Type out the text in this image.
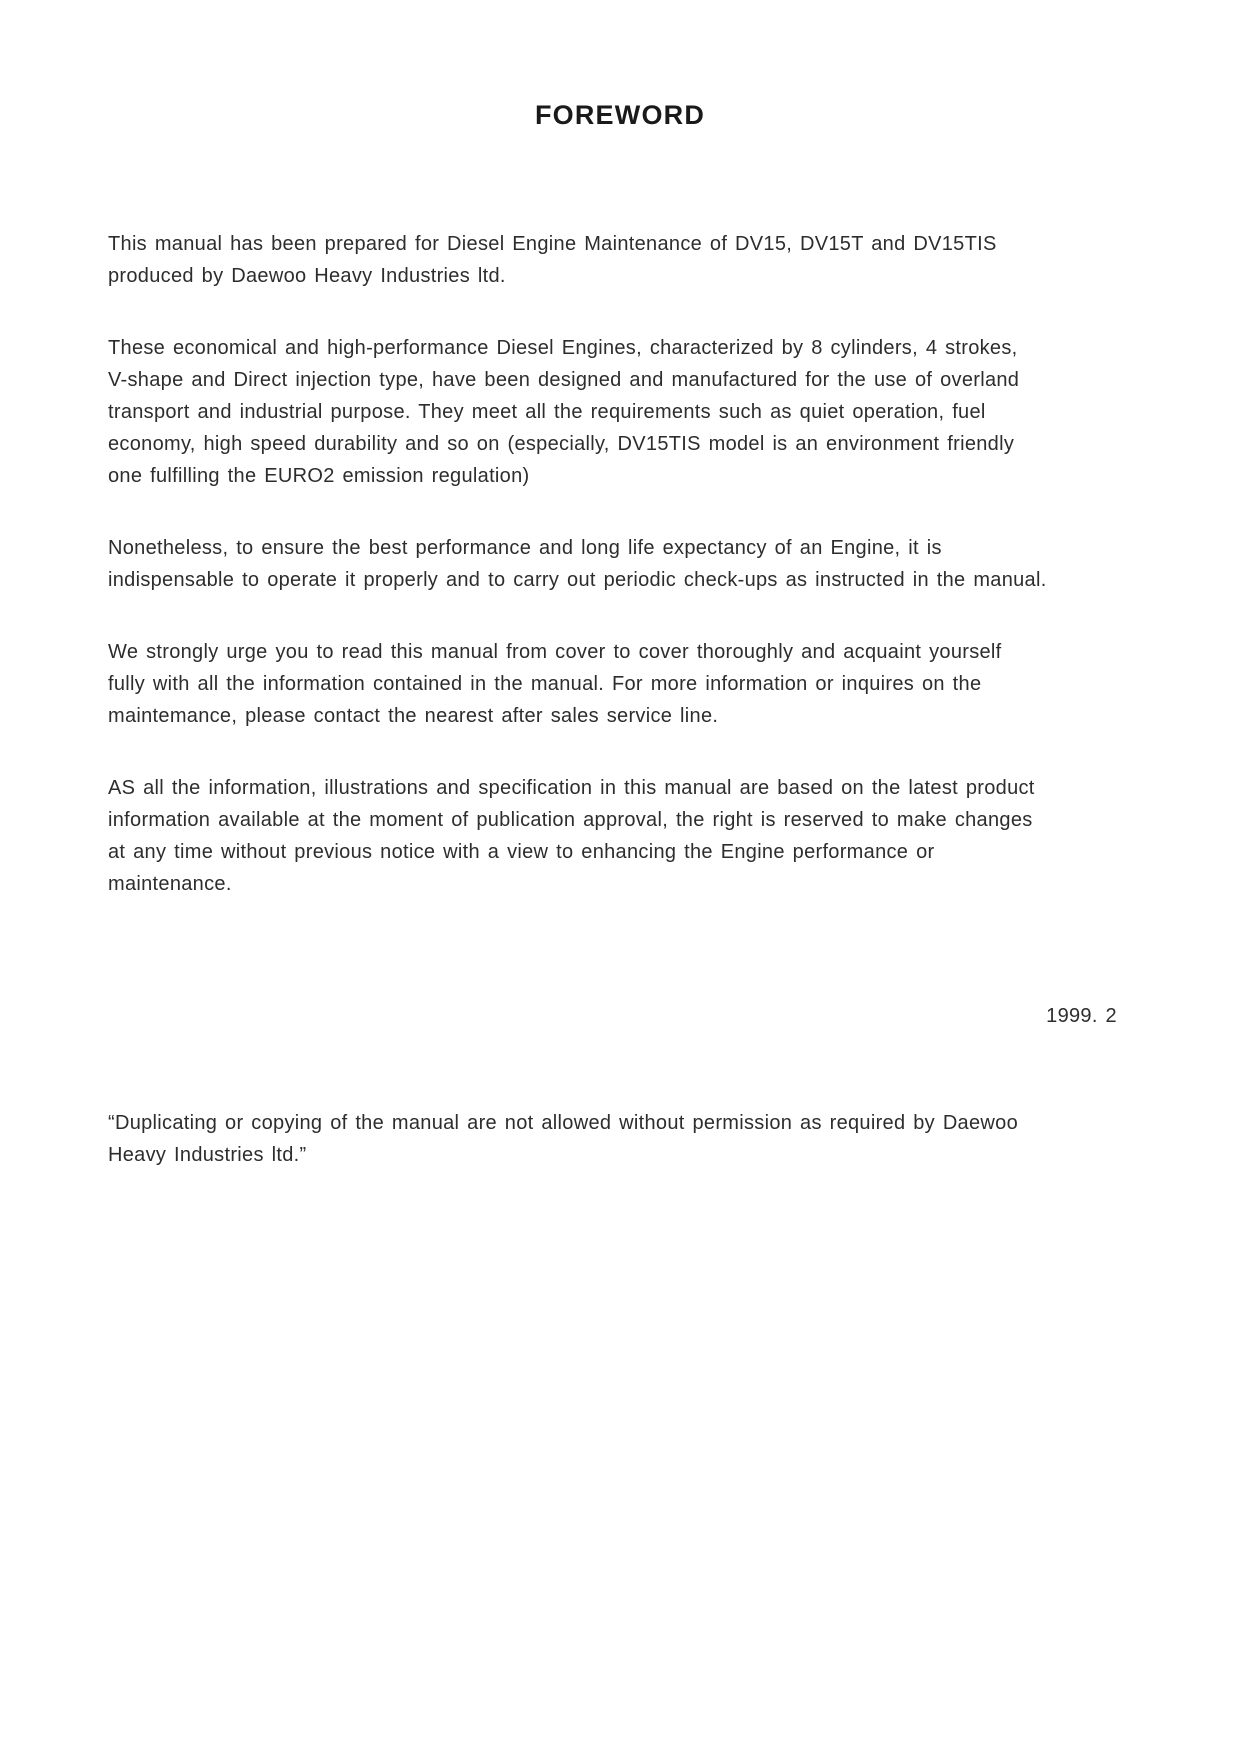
FOREWORD
This manual has been prepared for Diesel Engine Maintenance of DV15, DV15T and DV15TIS
produced by Daewoo Heavy Industries ltd.
These economical and high-performance Diesel Engines, characterized by 8 cylinders, 4 strokes,
V-shape and Direct injection type, have been designed and manufactured for the use of overland
transport and industrial purpose. They meet all the requirements such as quiet operation, fuel
economy, high speed durability and so on (especially, DV15TIS model is an environment friendly
one fulfilling the EURO2 emission regulation)
Nonetheless, to ensure the best performance and long life expectancy of an Engine, it is
indispensable to operate it properly and to carry out periodic check-ups as instructed in the manual.
We strongly urge you to read this manual from cover to cover thoroughly and acquaint yourself
fully with all the information contained in the manual. For more information or inquires on the
maintemance, please contact the nearest after sales service line.
AS all the information, illustrations and specification in this manual are based on the latest product
information available at the moment of publication approval, the right is reserved to make changes
at any time without previous notice with a view to enhancing the Engine performance or
maintenance.
1999. 2
“Duplicating or copying of the manual are not allowed without permission as required by Daewoo
Heavy Industries ltd.”
